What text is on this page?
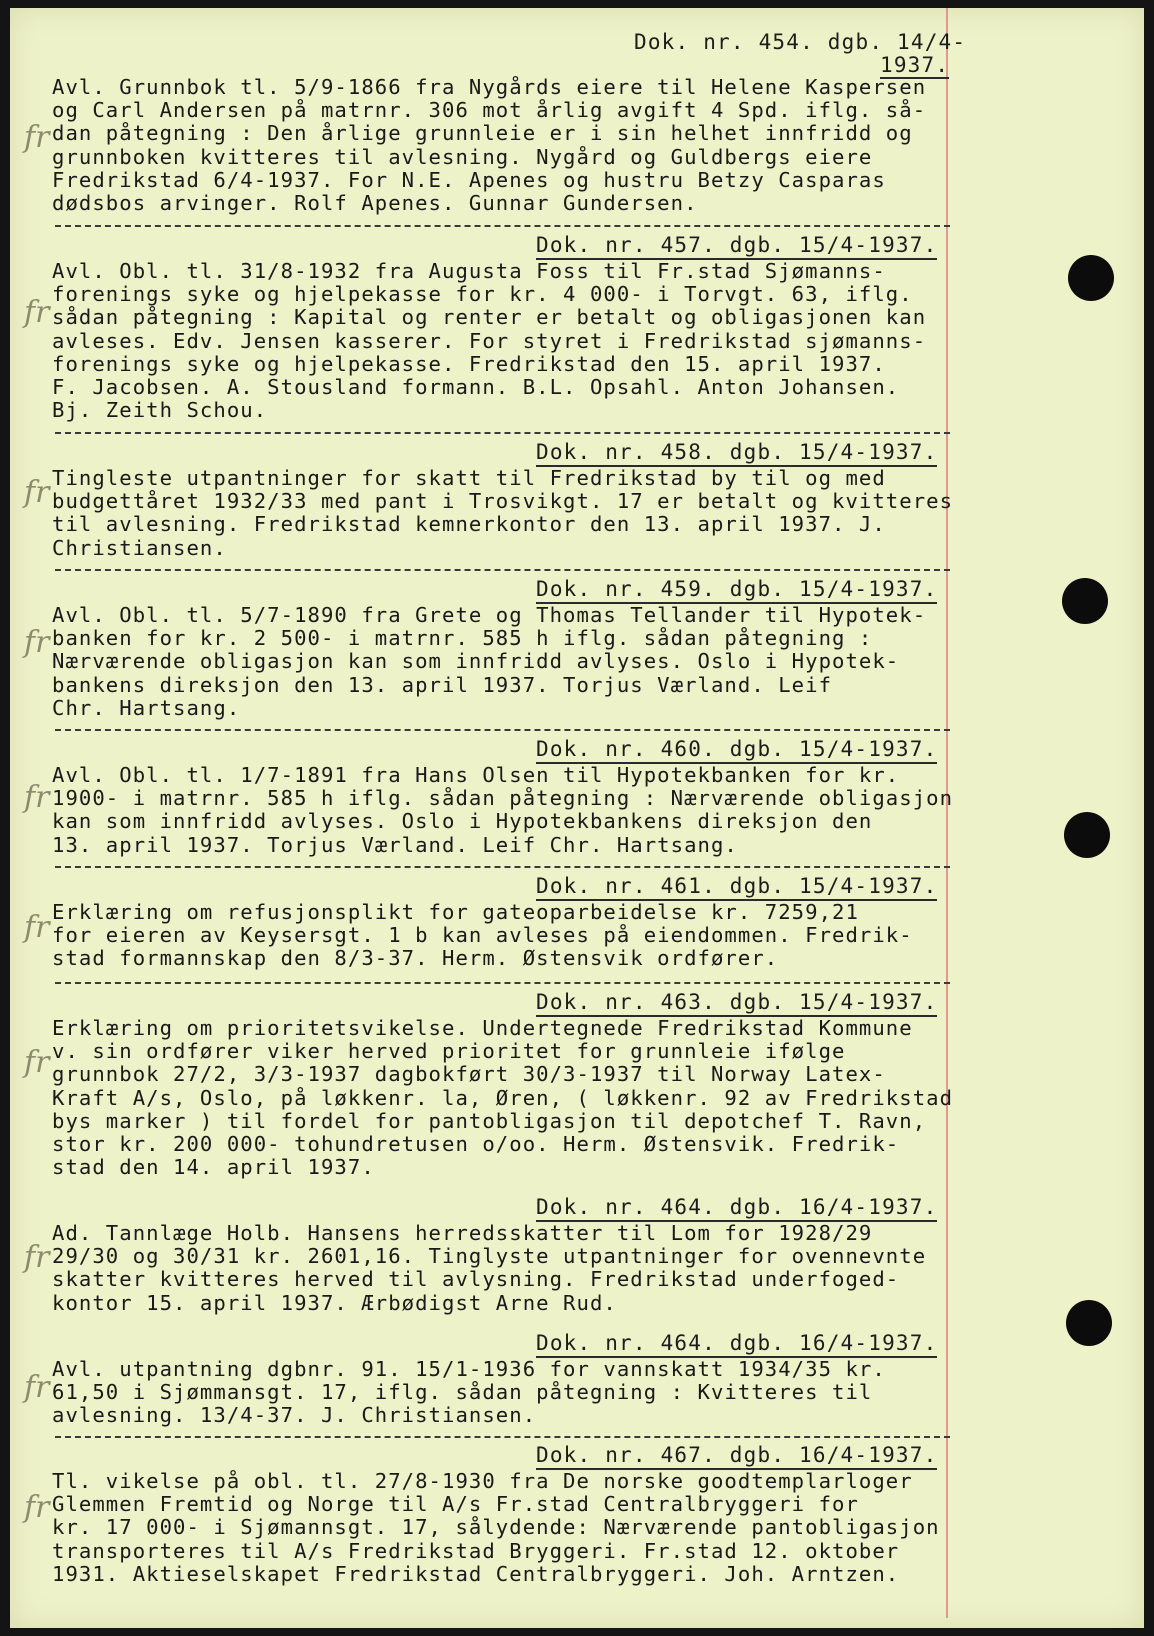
Dok. nr. 454. dgb. 14/4-
1937.
fr
Avl. Grunnbok tl. 5/9-1866 fra Nygårds eiere til Helene Kaspersen
og Carl Andersen på matrnr. 306 mot årlig avgift 4 Spd. iflg. så-
dan påtegning : Den årlige grunnleie er i sin helhet innfridd og
grunnboken kvitteres til avlesning. Nygård og Guldbergs eiere
Fredrikstad 6/4-1937. For N.E. Apenes og hustru Betzy Casparas
dødsbos arvinger. Rolf Apenes. Gunnar Gundersen.
Dok. nr. 457. dgb. 15/4-1937.
fr
Avl. Obl. tl. 31/8-1932 fra Augusta Foss til Fr.stad Sjømanns-
forenings syke og hjelpekasse for kr. 4 000- i Torvgt. 63, iflg.
sådan påtegning : Kapital og renter er betalt og obligasjonen kan
avleses. Edv. Jensen kasserer. For styret i Fredrikstad sjømanns-
forenings syke og hjelpekasse. Fredrikstad den 15. april 1937.
F. Jacobsen. A. Stousland formann. B.L. Opsahl. Anton Johansen.
Bj. Zeith Schou.
Dok. nr. 458. dgb. 15/4-1937.
fr Tingleste utpantninger for skatt til Fredrikstad by til og med
budgettåret 1932/33 med pant i Trosvikgt. 17 er betalt og kvitteres
til avlesning. Fredrikstad kemnerkontor den 13. april 1937. J.
Christiansen.
Dok. nr. 459. dgb. 15/4-1937.
fr
Avl. Obl. tl. 5/7-1890 fra Grete og Thomas Tellander til Hypotek-
banken for kr. 2 500- i matrnr. 585 h iflg. sådan påtegning :
Nærværende obligasjon kan som innfridd avlyses. Oslo i Hypotek-
bankens direksjon den 13. april 1937. Torjus Værland. Leif
Chr. Hartsang.
Dok. nr. 460. dgb. 15/4-1937.
fr
Avl. Obl. tl. 1/7-1891 fra Hans Olsen til Hypotekbanken for kr.
1900- i matrnr. 585 h iflg. sådan påtegning : Nærværende obligasjon
kan som innfridd avlyses. Oslo i Hypotekbankens direksjon den
13. april 1937. Torjus Værland. Leif Chr. Hartsang.
Dok. nr. 461. dgb. 15/4-1937.
fr Erklæring om refusjonsplikt for gateoparbeidelse kr. 7259,21
for eieren av Keysersgt. 1 b kan avleses på eiendommen. Fredrik-
stad formannskap den 8/3-37. Herm. Østensvik ordfører.
Dok. nr. 463. dgb. 15/4-1937.
fr
Erklæring om prioritetsvikelse. Undertegnede Fredrikstad Kommune
v. sin ordfører viker herved prioritet for grunnleie ifølge
grunnbok 27/2, 3/3-1937 dagbokført 30/3-1937 til Norway Latex-
Kraft A/s, Oslo, på løkkenr. la, Øren, ( løkkenr. 92 av Fredrikstad
bys marker ) til fordel for pantobligasjon til depotchef T. Ravn,
stor kr. 200 000- tohundretusen o/oo. Herm. Østensvik. Fredrik-
stad den 14. april 1937.
Dok. nr. 464. dgb. 16/4-1937.
fr
Ad. Tannlæge Holb. Hansens herredsskatter til Lom for 1928/29
29/30 og 30/31 kr. 2601,16. Tinglyste utpantninger for ovennevnte
skatter kvitteres herved til avlysning. Fredrikstad underfoged-
kontor 15. april 1937. Ærbødigst Arne Rud.
Dok. nr. 464. dgb. 16/4-1937.
fr
Avl. utpantning dgbnr. 91. 15/1-1936 for vannskatt 1934/35 kr.
61,50 i Sjømmansgt. 17, iflg. sådan påtegning : Kvitteres til
avlesning. 13/4-37. J. Christiansen.
Dok. nr. 467. dgb. 16/4-1937.
fr
Tl. vikelse på obl. tl. 27/8-1930 fra De norske goodtemplarloger
Glemmen Fremtid og Norge til A/s Fr.stad Centralbryggeri for
kr. 17 000- i Sjømannsgt. 17, sålydende: Nærværende pantobligasjon
transporteres til A/s Fredrikstad Bryggeri. Fr.stad 12. oktober
1931. Aktieselskapet Fredrikstad Centralbryggeri. Joh. Arntzen.
